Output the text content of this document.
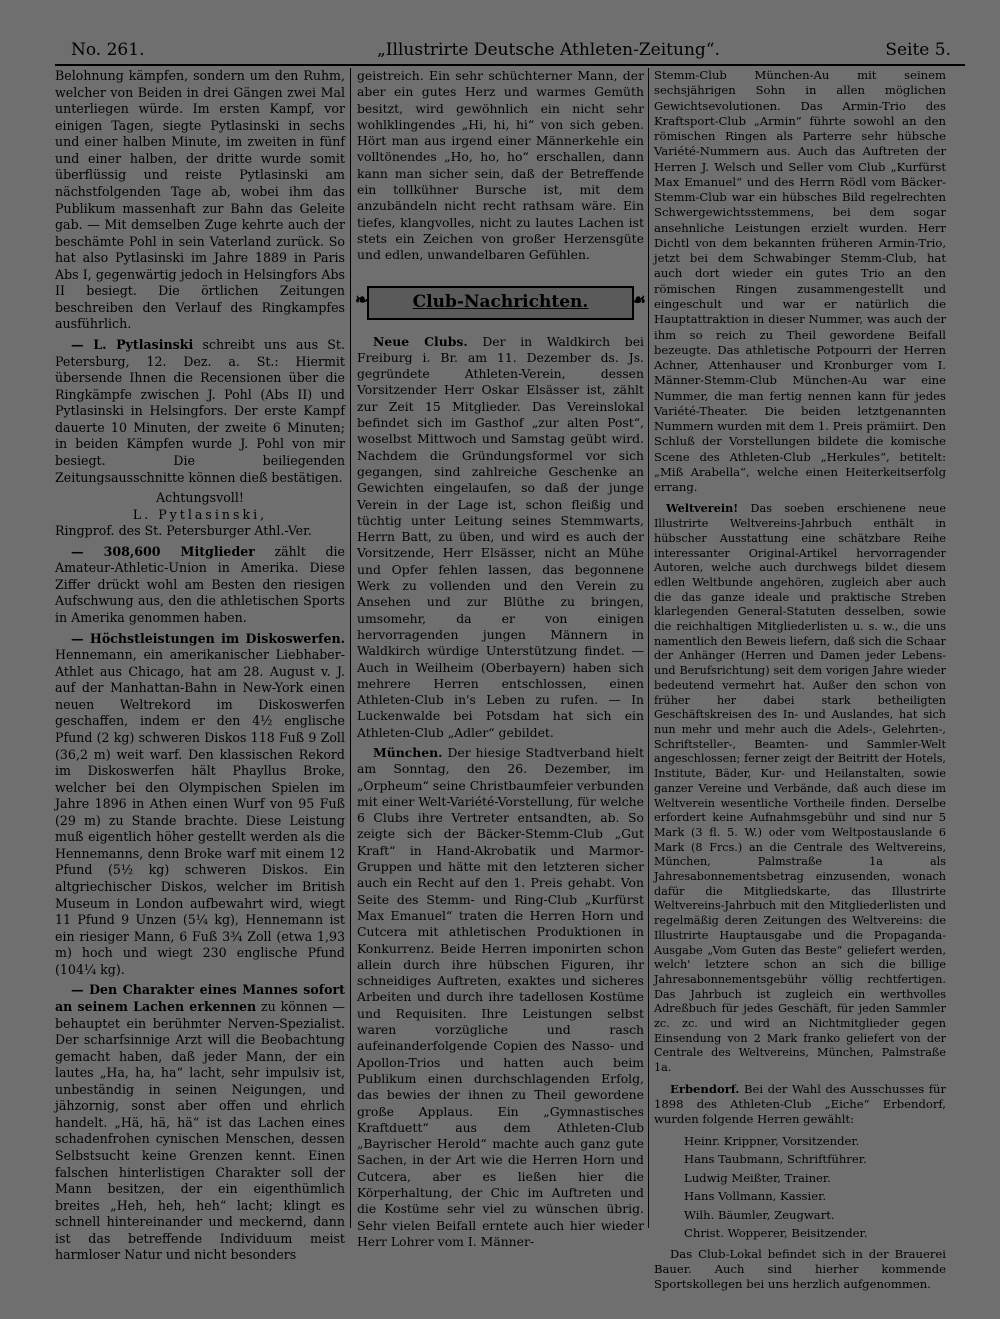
No. 261.	„Illustrirte Deutsche Athleten-Zeitung“.	Seite 5.

Belohnung kämpfen, sondern um den Ruhm, welcher von Beiden in drei Gängen zwei Mal unterliegen würde. Im ersten Kampf, vor einigen Tagen, siegte Pytlasinski in sechs und einer halben Minute, im zweiten in fünf und einer halben, der dritte wurde somit überflüssig und reiste Pytlasinski am nächstfolgenden Tage ab, wobei ihm das Publikum massenhaft zur Bahn das Geleite gab. — Mit demselben Zuge kehrte auch der beschämte Pohl in sein Vaterland zurück. So hat also Pytlasinski im Jahre 1889 in Paris Abs I, gegenwärtig jedoch in Helsingfors Abs II besiegt. Die örtlichen Zeitungen beschreiben den Verlauf des Ringkampfes ausführlich.

— L. Pytlasinski schreibt uns aus St. Petersburg, 12. Dez. a. St.: Hiermit übersende Ihnen die Recensionen über die Ringkämpfe zwischen J. Pohl (Abs II) und Pytlasinski in Helsingfors. Der erste Kampf dauerte 10 Minuten, der zweite 6 Minuten; in beiden Kämpfen wurde J. Pohl von mir besiegt. Die beiliegenden Zeitungsausschnitte können dieß bestätigen.

Achtungsvoll!

L. Pytlasinski,

Ringprof. des St. Petersburger Athl.-Ver.

— 308,600 Mitglieder zählt die Amateur-Athletic-Union in Amerika. Diese Ziffer drückt wohl am Besten den riesigen Aufschwung aus, den die athletischen Sports in Amerika genommen haben.

— Höchstleistungen im Diskoswerfen. Hennemann, ein amerikanischer Liebhaber-Athlet aus Chicago, hat am 28. August v. J. auf der Manhattan-Bahn in New-York einen neuen Weltrekord im Diskoswerfen geschaffen, indem er den 4½ englische Pfund (2 kg) schweren Diskos 118 Fuß 9 Zoll (36,2 m) weit warf. Den klassischen Rekord im Diskoswerfen hält Phayllus Broke, welcher bei den Olympischen Spielen im Jahre 1896 in Athen einen Wurf von 95 Fuß (29 m) zu Stande brachte. Diese Leistung muß eigentlich höher gestellt werden als die Hennemanns, denn Broke warf mit einem 12 Pfund (5½ kg) schweren Diskos. Ein altgriechischer Diskos, welcher im British Museum in London aufbewahrt wird, wiegt 11 Pfund 9 Unzen (5¼ kg), Hennemann ist ein riesiger Mann, 6 Fuß 3¾ Zoll (etwa 1,93 m) hoch und wiegt 230 englische Pfund (104¼ kg).

— Den Charakter eines Mannes sofort an seinem Lachen erkennen zu können — behauptet ein berühmter Nerven-Spezialist. Der scharfsinnige Arzt will die Beobachtung gemacht haben, daß jeder Mann, der ein lautes „Ha, ha, ha“ lacht, sehr impulsiv ist, unbeständig in seinen Neigungen, und jähzornig, sonst aber offen und ehrlich handelt. „Hä, hä, hä“ ist das Lachen eines schadenfrohen cynischen Menschen, dessen Selbstsucht keine Grenzen kennt. Einen falschen hinterlistigen Charakter soll der Mann besitzen, der ein eigenthümlich breites „Heh, heh, heh“ lacht; klingt es schnell hintereinander und meckernd, dann ist das betreffende Individuum meist harmloser Natur und nicht besonders

geistreich. Ein sehr schüchterner Mann, der aber ein gutes Herz und warmes Gemüth besitzt, wird gewöhnlich ein nicht sehr wohlklingendes „Hi, hi, hi“ von sich geben. Hört man aus irgend einer Männerkehle ein volltönendes „Ho, ho, ho“ erschallen, dann kann man sicher sein, daß der Betreffende ein tollkühner Bursche ist, mit dem anzubändeln nicht recht rathsam wäre. Ein tiefes, klangvolles, nicht zu lautes Lachen ist stets ein Zeichen von großer Herzensgüte und edlen, unwandelbaren Gefühlen.

❧	Club-Nachrichten.	☙

Neue Clubs. Der in Waldkirch bei Freiburg i. Br. am 11. Dezember ds. Js. gegründete Athleten-Verein, dessen Vorsitzender Herr Oskar Elsässer ist, zählt zur Zeit 15 Mitglieder. Das Vereinslokal befindet sich im Gasthof „zur alten Post“, woselbst Mittwoch und Samstag geübt wird. Nachdem die Gründungsformel vor sich gegangen, sind zahlreiche Geschenke an Gewichten eingelaufen, so daß der junge Verein in der Lage ist, schon fleißig und tüchtig unter Leitung seines Stemmwarts, Herrn Batt, zu üben, und wird es auch der Vorsitzende, Herr Elsässer, nicht an Mühe und Opfer fehlen lassen, das begonnene Werk zu vollenden und den Verein zu Ansehen und zur Blüthe zu bringen, umsomehr, da er von einigen hervorragenden jungen Männern in Waldkirch würdige Unterstützung findet. — Auch in Weilheim (Oberbayern) haben sich mehrere Herren entschlossen, einen Athleten-Club in's Leben zu rufen. — In Luckenwalde bei Potsdam hat sich ein Athleten-Club „Adler“ gebildet.

München. Der hiesige Stadtverband hielt am Sonntag, den 26. Dezember, im „Orpheum“ seine Christbaumfeier verbunden mit einer Welt-Variété-Vorstellung, für welche 6 Clubs ihre Vertreter entsandten, ab. So zeigte sich der Bäcker-Stemm-Club „Gut Kraft“ in Hand-Akrobatik und Marmor-Gruppen und hätte mit den letzteren sicher auch ein Recht auf den 1. Preis gehabt. Von Seite des Stemm- und Ring-Club „Kurfürst Max Emanuel“ traten die Herren Horn und Cutcera mit athletischen Produktionen in Konkurrenz. Beide Herren imponirten schon allein durch ihre hübschen Figuren, ihr schneidiges Auftreten, exaktes und sicheres Arbeiten und durch ihre tadellosen Kostüme und Requisiten. Ihre Leistungen selbst waren vorzügliche und rasch aufeinanderfolgende Copien des Nasso- und Apollon-Trios und hatten auch beim Publikum einen durchschlagenden Erfolg, das bewies der ihnen zu Theil gewordene große Applaus. Ein „Gymnastisches Kraftduett“ aus dem Athleten-Club „Bayrischer Herold“ machte auch ganz gute Sachen, in der Art wie die Herren Horn und Cutcera, aber es ließen hier die Körperhaltung, der Chic im Auftreten und die Kostüme sehr viel zu wünschen übrig. Sehr vielen Beifall erntete auch hier wieder Herr Lohrer vom I. Männer-

Stemm-Club München-Au mit seinem sechsjährigen Sohn in allen möglichen Gewichtsevolutionen. Das Armin-Trio des Kraftsport-Club „Armin“ führte sowohl an den römischen Ringen als Parterre sehr hübsche Variété-Nummern aus. Auch das Auftreten der Herren J. Welsch und Seller vom Club „Kurfürst Max Emanuel“ und des Herrn Rödl vom Bäcker-Stemm-Club war ein hübsches Bild regelrechten Schwergewichtsstemmens, bei dem sogar ansehnliche Leistungen erzielt wurden. Herr Dichtl von dem bekannten früheren Armin-Trio, jetzt bei dem Schwabinger Stemm-Club, hat auch dort wieder ein gutes Trio an den römischen Ringen zusammengestellt und eingeschult und war er natürlich die Hauptattraktion in dieser Nummer, was auch der ihm so reich zu Theil gewordene Beifall bezeugte. Das athletische Potpourri der Herren Achner, Attenhauser und Kronburger vom I. Männer-Stemm-Club München-Au war eine Nummer, die man fertig nennen kann für jedes Variété-Theater. Die beiden letztgenannten Nummern wurden mit dem 1. Preis prämiirt. Den Schluß der Vorstellungen bildete die komische Scene des Athleten-Club „Herkules“, betitelt: „Miß Arabella“, welche einen Heiterkeitserfolg errang.

Weltverein! Das soeben erschienene neue Illustrirte Weltvereins-Jahrbuch enthält in hübscher Ausstattung eine schätzbare Reihe interessanter Original-Artikel hervorragender Autoren, welche auch durchwegs bildet diesem edlen Weltbunde angehören, zugleich aber auch die das ganze ideale und praktische Streben klarlegenden General-Statuten desselben, sowie die reichhaltigen Mitgliederlisten u. s. w., die uns namentlich den Beweis liefern, daß sich die Schaar der Anhänger (Herren und Damen jeder Lebens- und Berufsrichtung) seit dem vorigen Jahre wieder bedeutend vermehrt hat. Außer den schon von früher her dabei stark betheiligten Geschäftskreisen des In- und Auslandes, hat sich nun mehr und mehr auch die Adels-, Gelehrten-, Schriftsteller-, Beamten- und Sammler-Welt angeschlossen; ferner zeigt der Beitritt der Hotels, Institute, Bäder, Kur- und Heilanstalten, sowie ganzer Vereine und Verbände, daß auch diese im Weltverein wesentliche Vortheile finden. Derselbe erfordert keine Aufnahmsgebühr und sind nur 5 Mark (3 fl. 5. W.) oder vom Weltpostauslande 6 Mark (8 Frcs.) an die Centrale des Weltvereins, München, Palmstraße 1a als Jahresabonnementsbetrag einzusenden, wonach dafür die Mitgliedskarte, das Illustrirte Weltvereins-Jahrbuch mit den Mitgliederlisten und regelmäßig deren Zeitungen des Weltvereins: die Illustrirte Hauptausgabe und die Propaganda-Ausgabe „Vom Guten das Beste“ geliefert werden, welch' letztere schon an sich die billige Jahresabonnementsgebühr völlig rechtfertigen. Das Jahrbuch ist zugleich ein werthvolles Adreßbuch für jedes Geschäft, für jeden Sammler zc. zc. und wird an Nichtmitglieder gegen Einsendung von 2 Mark franko geliefert von der Centrale des Weltvereins, München, Palmstraße 1a.

Erbendorf. Bei der Wahl des Ausschusses für 1898 des Athleten-Club „Eiche“ Erbendorf, wurden folgende Herren gewählt:

Heinr. Krippner, Vorsitzender.
Hans Taubmann, Schriftführer.
Ludwig Meißter, Trainer.
Hans Vollmann, Kassier.
Wilh. Bäumler, Zeugwart.
Christ. Wopperer, Beisitzender.

Das Club-Lokal befindet sich in der Brauerei Bauer. Auch sind hierher kommende Sportskollegen bei uns herzlich aufgenommen.
